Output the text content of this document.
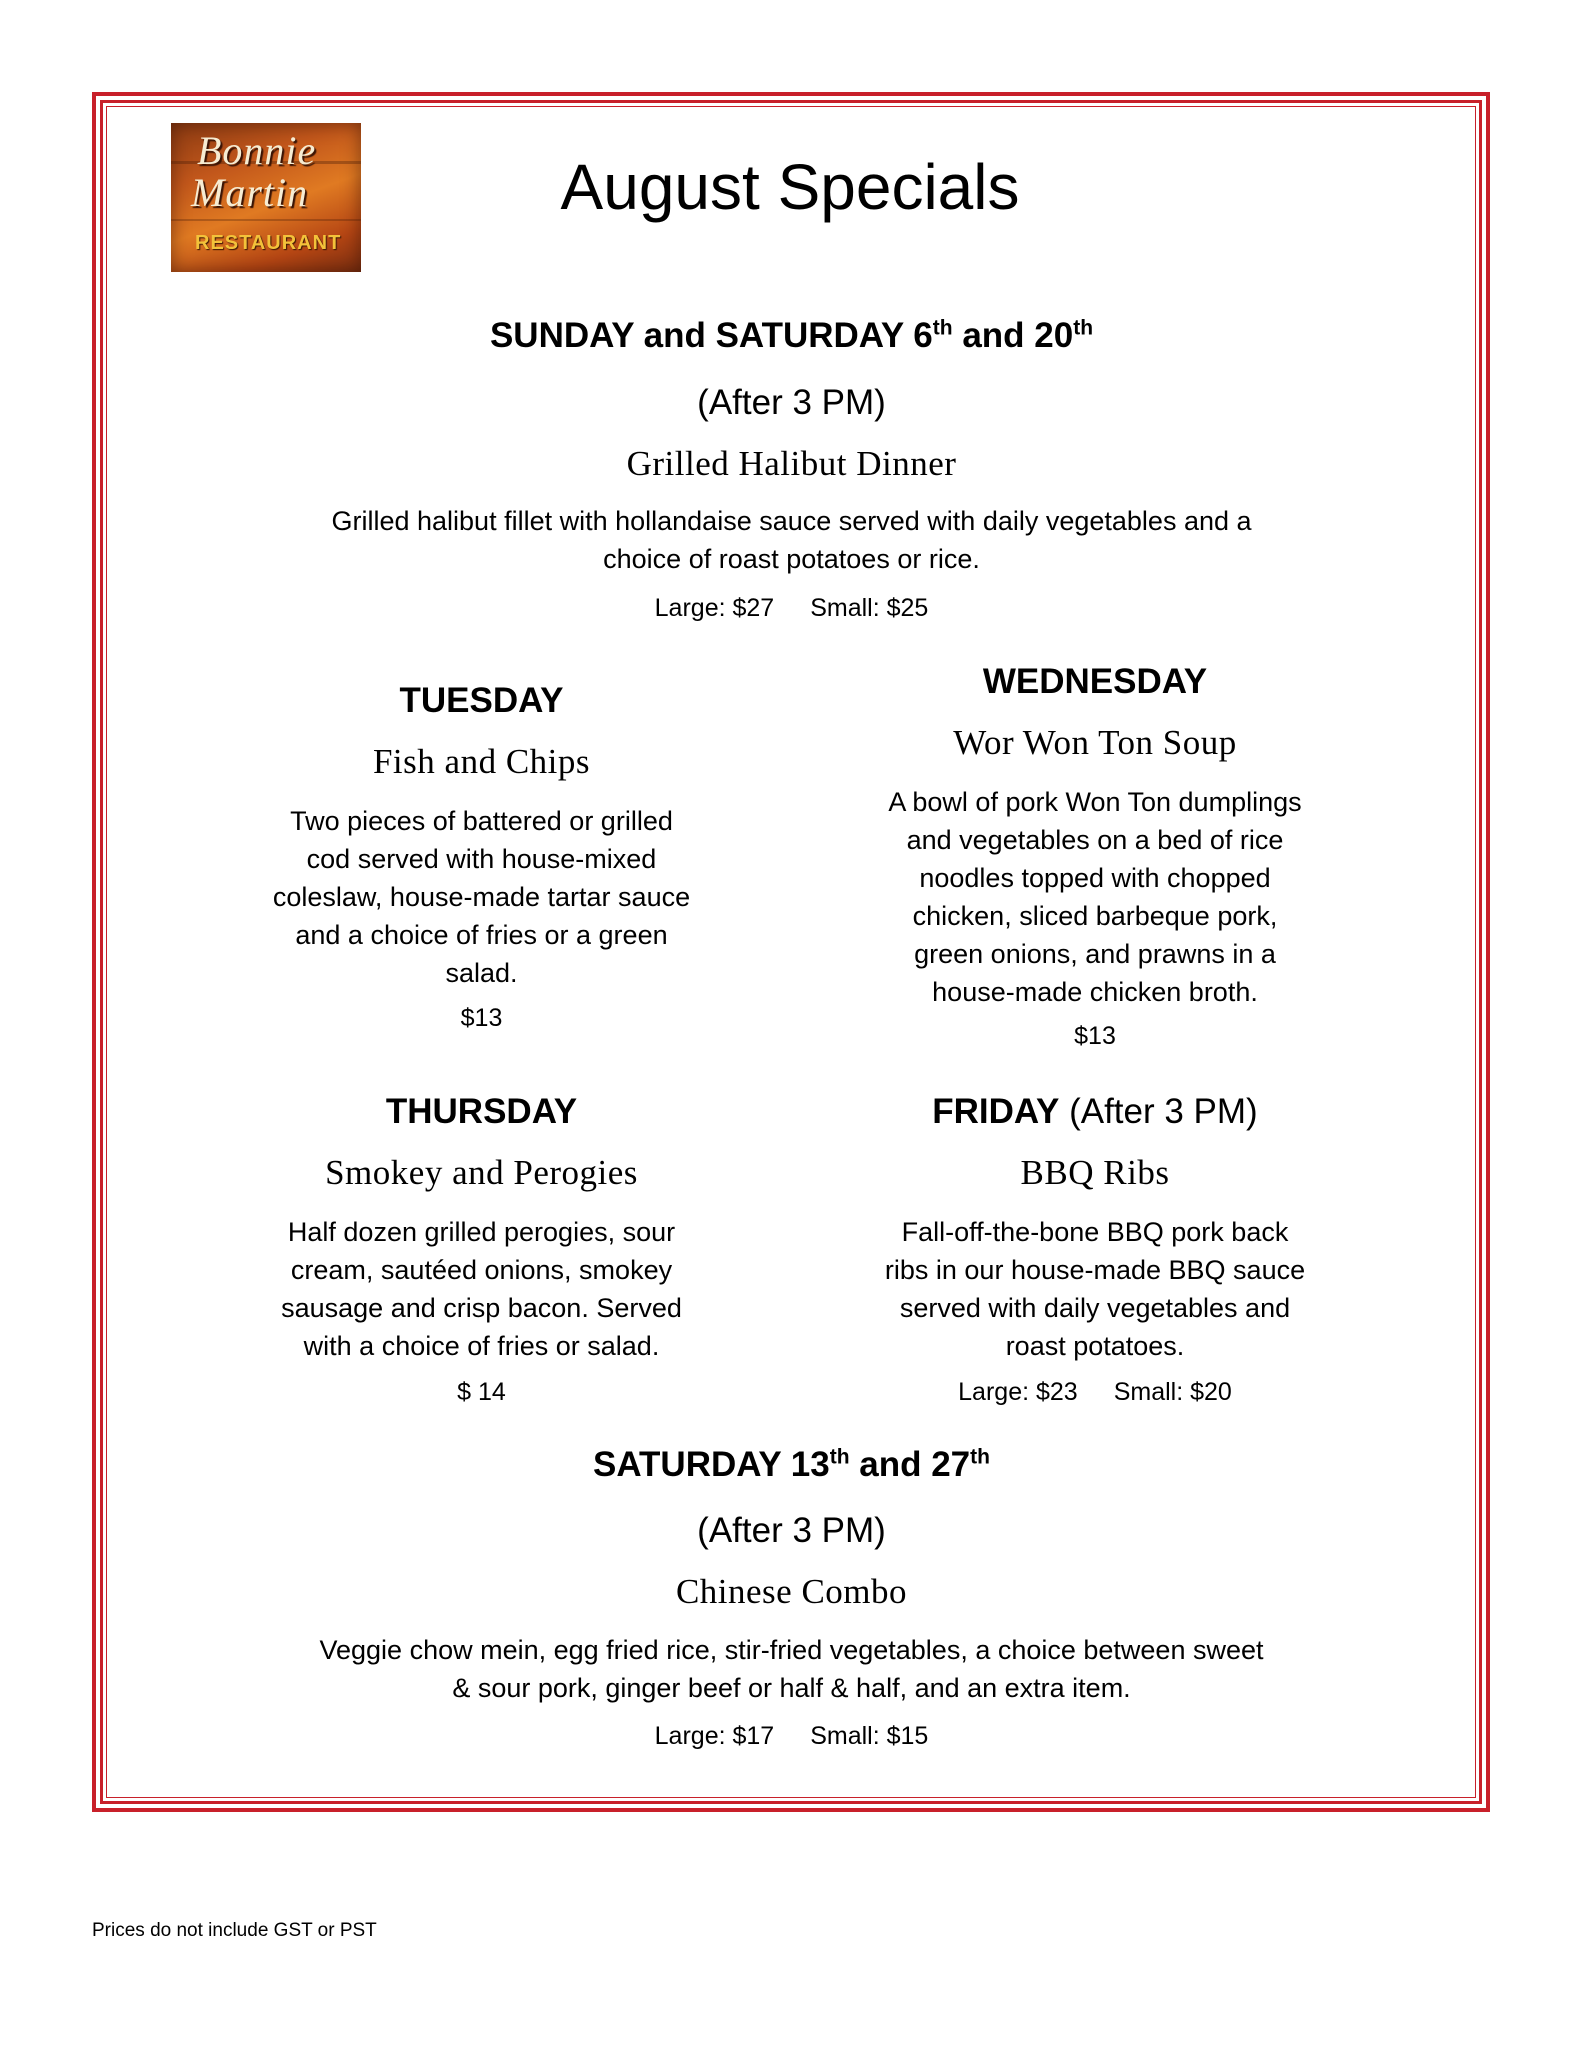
Bonnie
Martin
RESTAURANT
August Specials
SUNDAY and SATURDAY 6th and 20th
(After 3 PM)
Grilled Halibut Dinner
Grilled halibut fillet with hollandaise sauce served with daily vegetables and a
choice of roast potatoes or rice.
Large: $27 Small: $25
TUESDAY
Fish and Chips
Two pieces of battered or grilled
cod served with house-mixed
coleslaw, house-made tartar sauce
and a choice of fries or a green
salad.
$13
WEDNESDAY
Wor Won Ton Soup
A bowl of pork Won Ton dumplings
and vegetables on a bed of rice
noodles topped with chopped
chicken, sliced barbeque pork,
green onions, and prawns in a
house-made chicken broth.
$13
THURSDAY
Smokey and Perogies
Half dozen grilled perogies, sour
cream, sautéed onions, smokey
sausage and crisp bacon. Served
with a choice of fries or salad.
$ 14
FRIDAY (After 3 PM)
BBQ Ribs
Fall-off-the-bone BBQ pork back
ribs in our house-made BBQ sauce
served with daily vegetables and
roast potatoes.
Large: $23 Small: $20
SATURDAY 13th and 27th
(After 3 PM)
Chinese Combo
Veggie chow mein, egg fried rice, stir-fried vegetables, a choice between sweet
& sour pork, ginger beef or half & half, and an extra item.
Large: $17 Small: $15
Prices do not include GST or PST
